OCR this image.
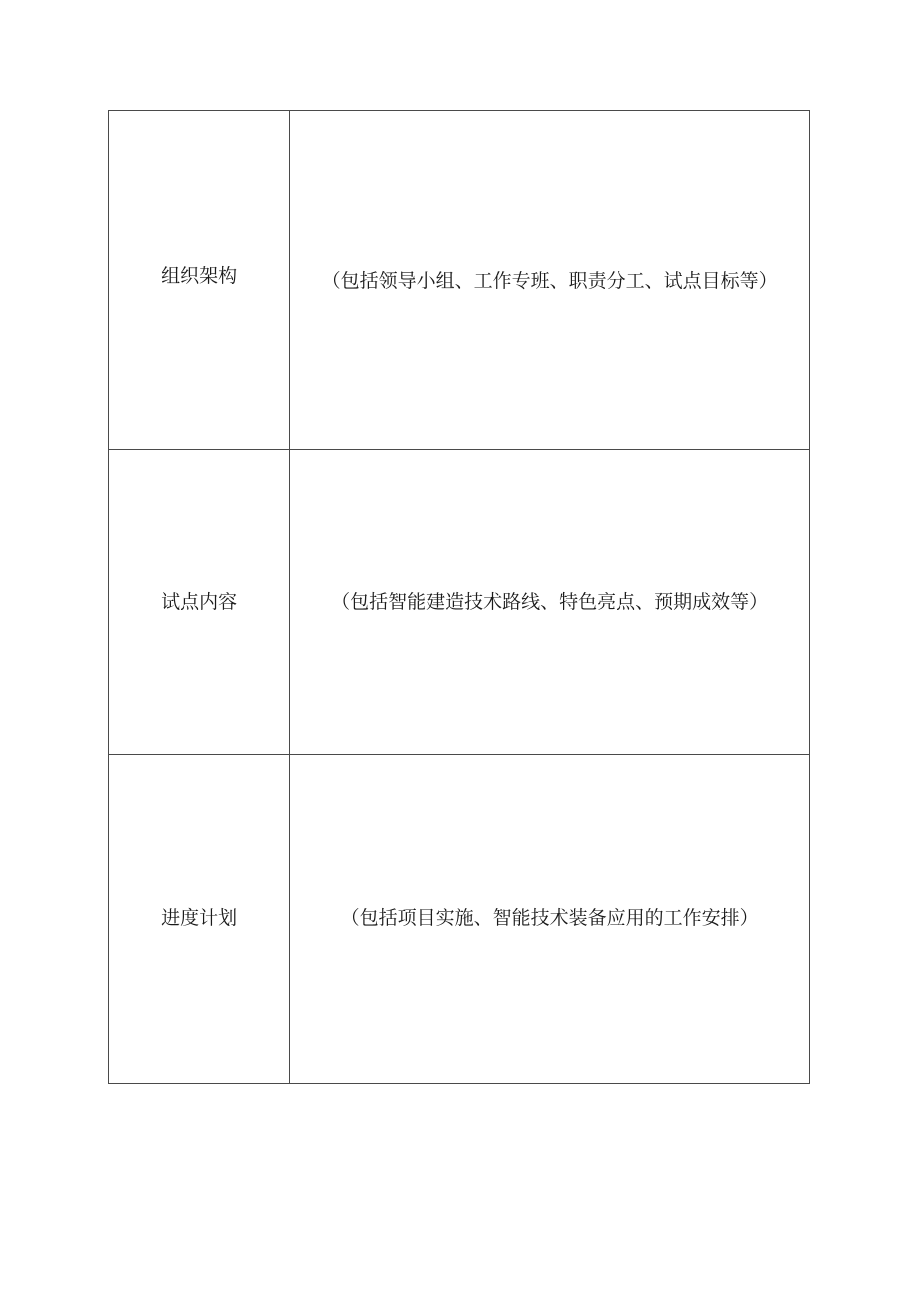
组织架构	（包括领导小组、工作专班、职责分工、试点目标等）
试点内容	（包括智能建造技术路线、特色亮点、预期成效等）
进度计划	（包括项目实施、智能技术装备应用的工作安排）
